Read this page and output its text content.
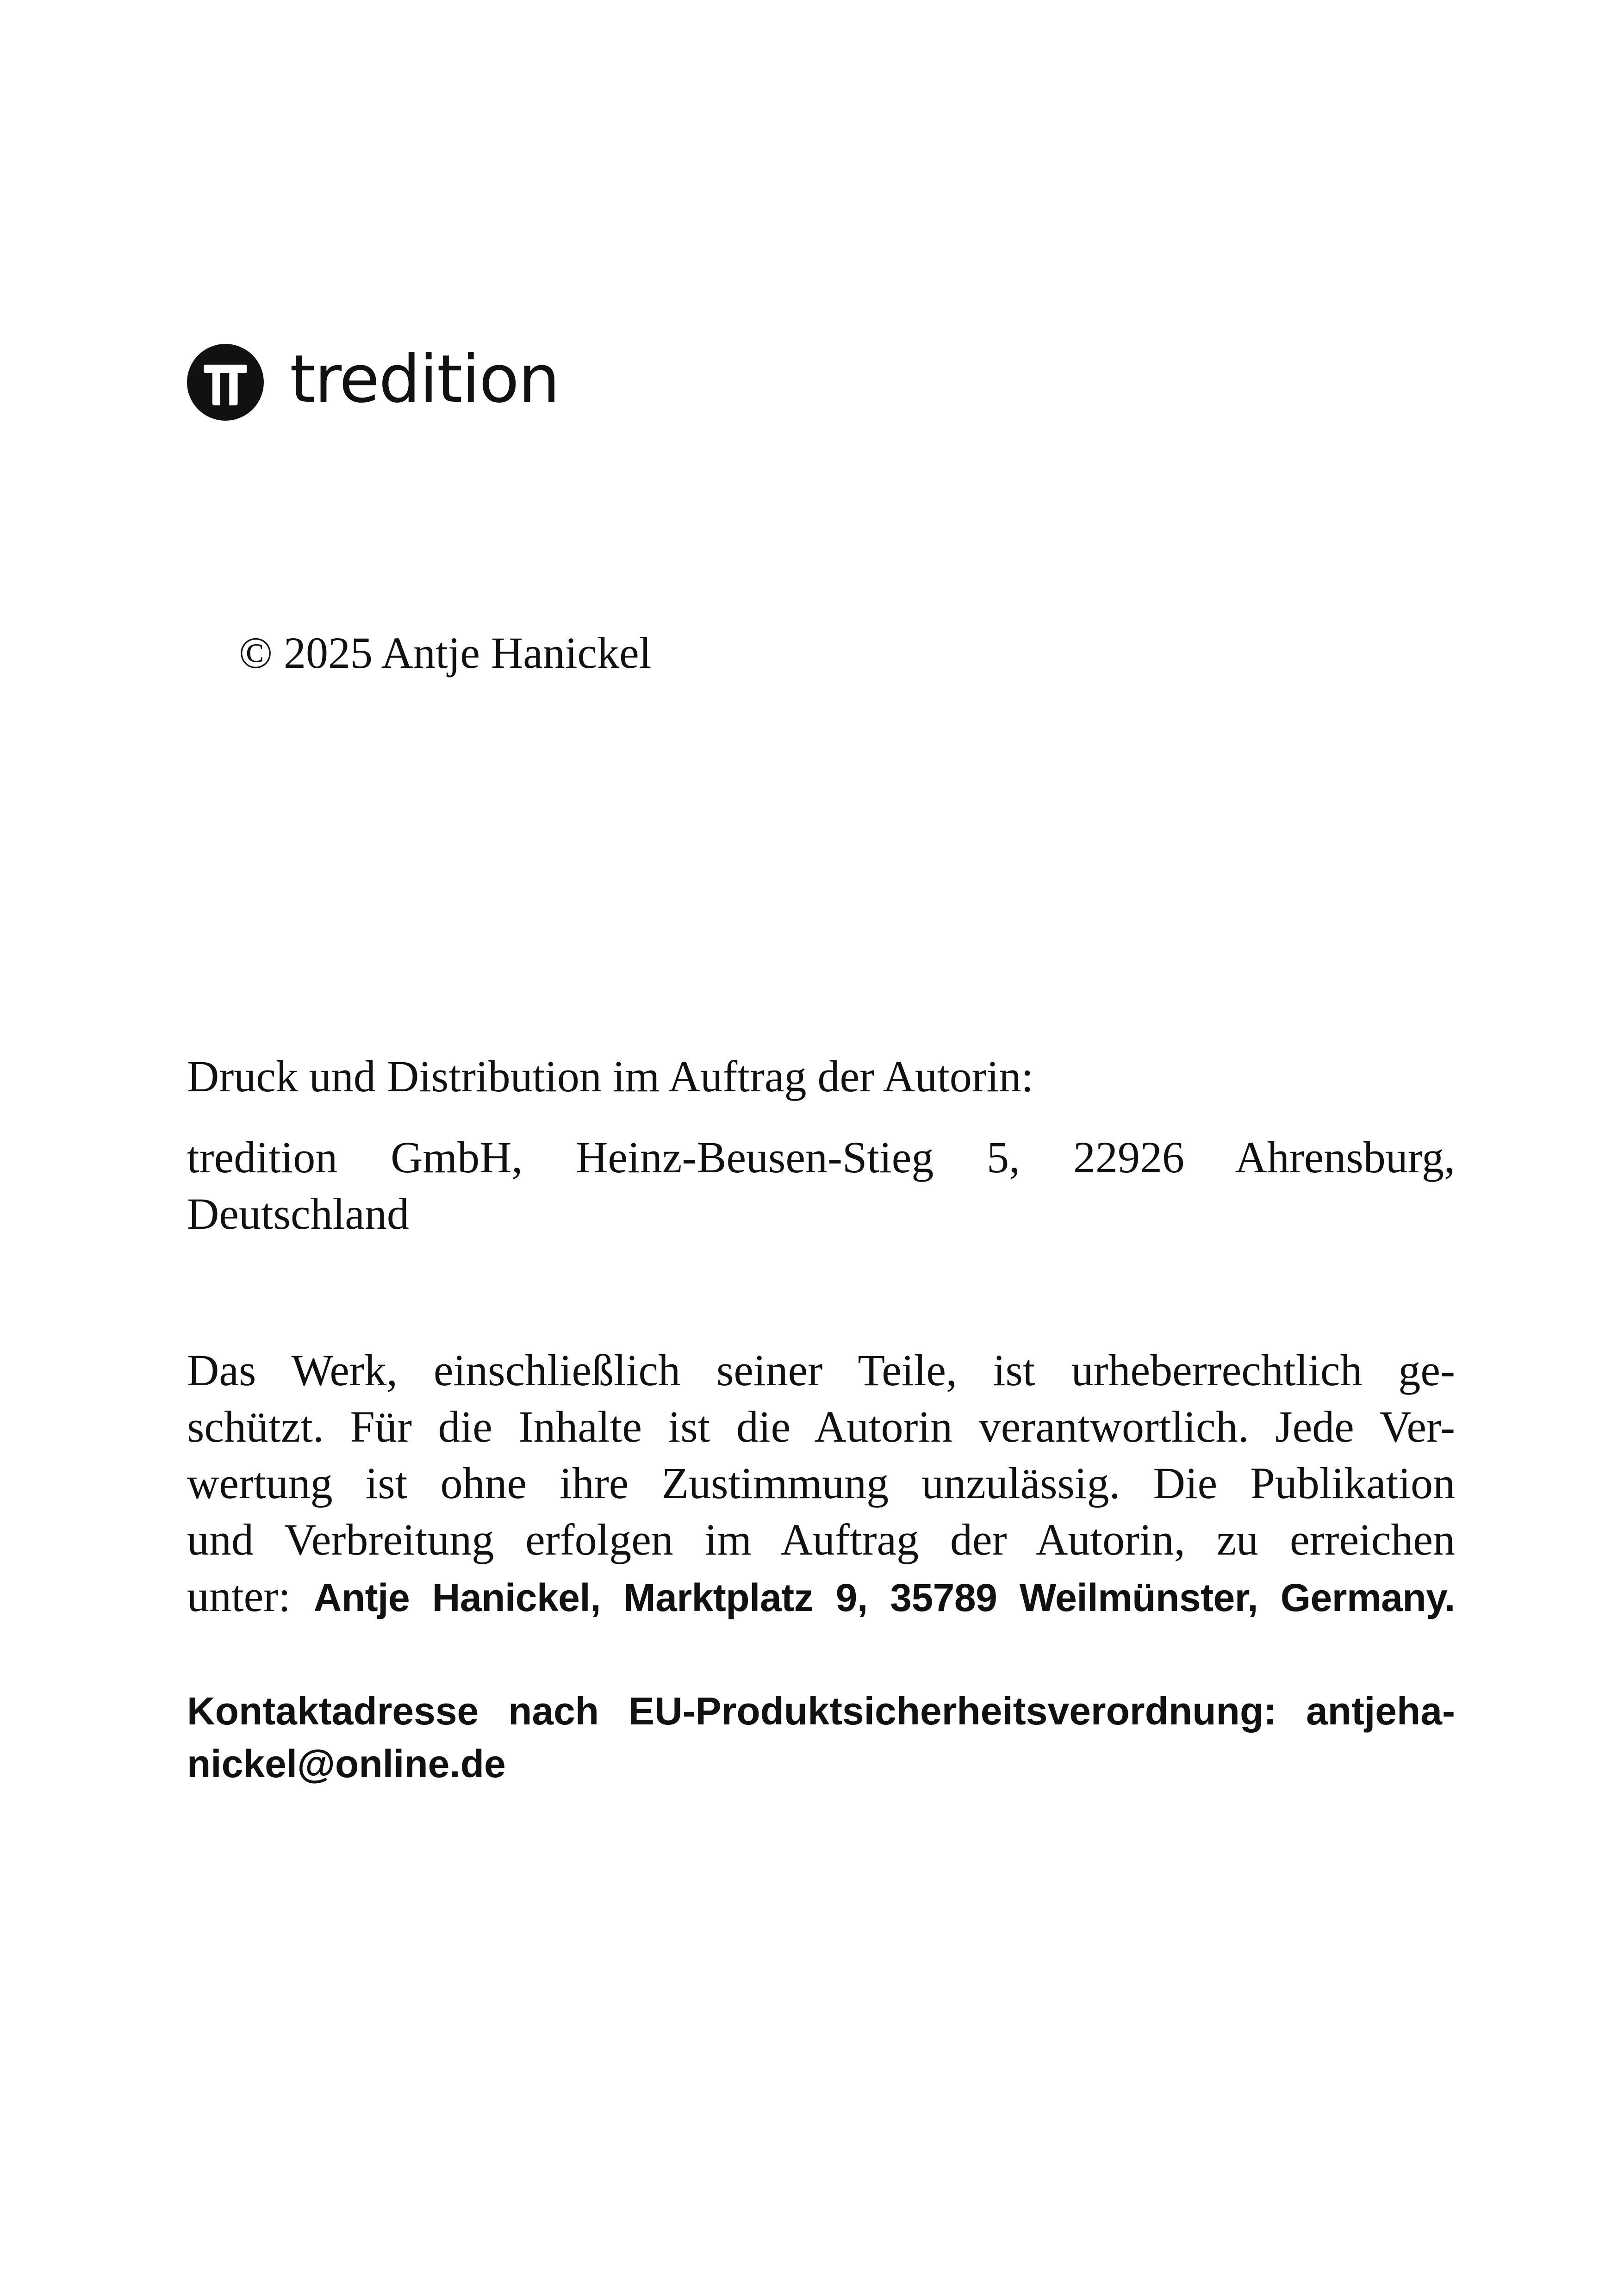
tredition
© 2025 Antje Hanickel
Druck und Distribution im Auftrag der Autorin:
tredition GmbH, Heinz-Beusen-Stieg 5, 22926 Ahrensburg,
Deutschland
Das Werk, einschließlich seiner Teile, ist urheberrechtlich ge-
schützt. Für die Inhalte ist die Autorin verantwortlich. Jede Ver-
wertung ist ohne ihre Zustimmung unzulässig. Die Publikation
und Verbreitung erfolgen im Auftrag der Autorin, zu erreichen
unter: Antje Hanickel, Marktplatz 9, 35789 Weilmünster, Germany.
Kontaktadresse nach EU-Produktsicherheitsverordnung: antjeha-
nickel@online.de
